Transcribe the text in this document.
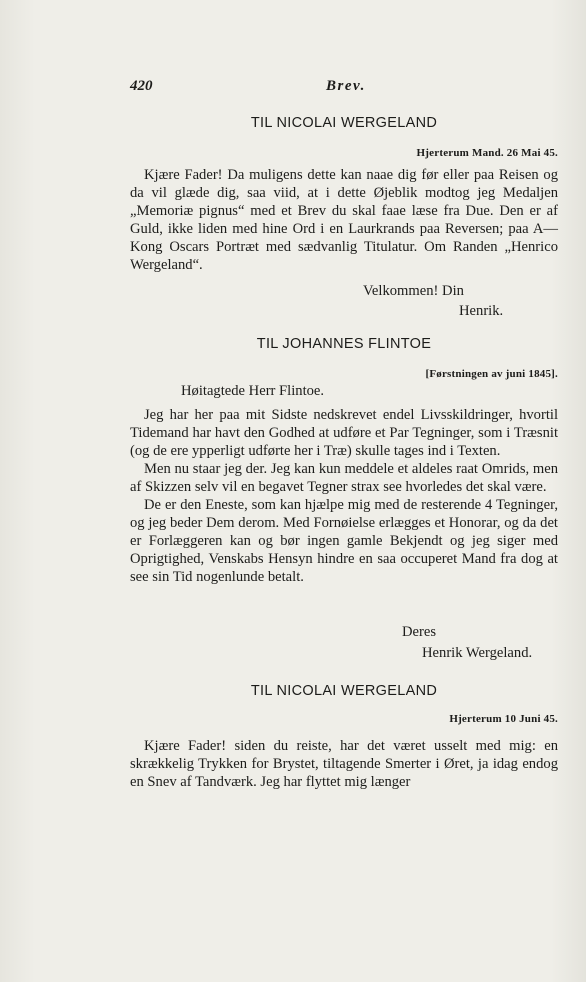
420	Brev.
TIL NICOLAI WERGELAND
Hjerterum Mand. 26 Mai 45.

Kjære Fader! Da muligens dette kan naae dig før eller paa Reisen og da vil glæde dig, saa viid, at i dette Øjeblik modtog jeg Medaljen „Memoriæ pignus“ med et Brev du skal faae læse fra Due. Den er af Guld, ikke liden med hine Ord i en Laurkrands paa Reversen; paa A— Kong Oscars Portræt med sædvanlig Titulatur. Om Randen „Henrico Wergeland“.

Velkommen! Din
Henrik.
TIL JOHANNES FLINTOE
[Førstningen av juni 1845].
Høitagtede Herr Flintoe.

Jeg har her paa mit Sidste nedskrevet endel Livsskildringer, hvortil Tidemand har havt den Godhed at udføre et Par Tegninger, som i Træsnit (og de ere ypperligt udførte her i Træ) skulle tages ind i Texten.

Men nu staar jeg der. Jeg kan kun meddele et aldeles raat Omrids, men af Skizzen selv vil en begavet Tegner strax see hvorledes det skal være.

De er den Eneste, som kan hjælpe mig med de resterende 4 Tegninger, og jeg beder Dem derom. Med Fornøielse erlægges et Honorar, og da det er Forlæggeren kan og bør ingen gamle Bekjendt og jeg siger med Oprigtighed, Venskabs Hensyn hindre en saa occuperet Mand fra dog at see sin Tid nogenlunde betalt.

Deres
Henrik Wergeland.
TIL NICOLAI WERGELAND
Hjerterum 10 Juni 45.

Kjære Fader! siden du reiste, har det været usselt med mig: en skrækkelig Trykken for Brystet, tiltagende Smerter i Øret, ja idag endog en Snev af Tandværk. Jeg har flyttet mig længer
